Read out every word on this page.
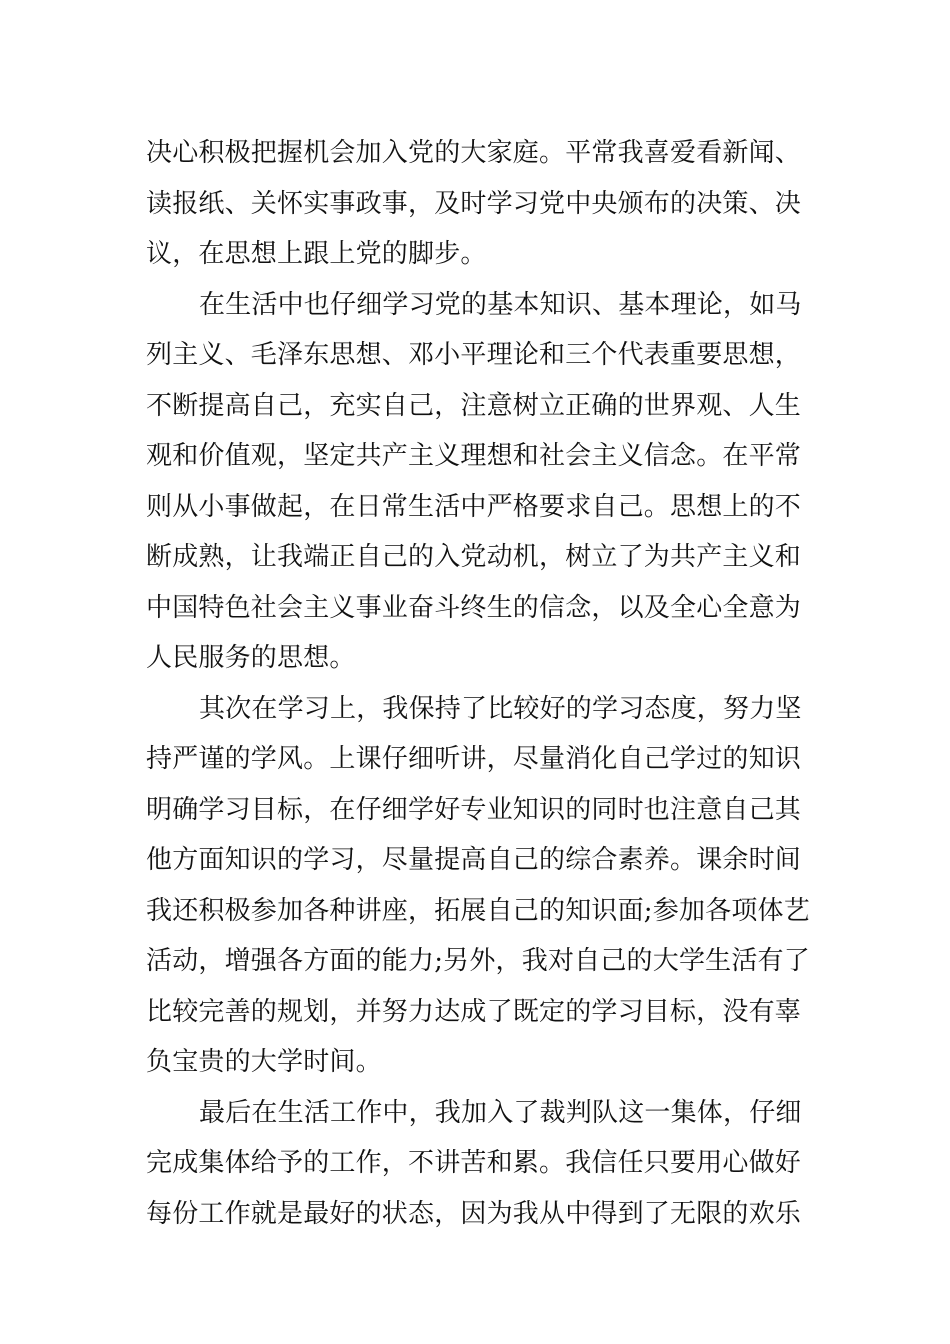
决心积极把握机会加入党的大家庭。平常我喜爱看新闻、
读报纸、关怀实事政事，及时学习党中央颁布的决策、决
议，在思想上跟上党的脚步。
在生活中也仔细学习党的基本知识、基本理论，如马
列主义、毛泽东思想、邓小平理论和三个代表重要思想，
不断提高自己，充实自己，注意树立正确的世界观、人生
观和价值观，坚定共产主义理想和社会主义信念。在平常
则从小事做起，在日常生活中严格要求自己。思想上的不
断成熟，让我端正自己的入党动机，树立了为共产主义和
中国特色社会主义事业奋斗终生的信念，以及全心全意为
人民服务的思想。
其次在学习上，我保持了比较好的学习态度，努力坚
持严谨的学风。上课仔细听讲，尽量消化自己学过的知识
明确学习目标，在仔细学好专业知识的同时也注意自己其
他方面知识的学习，尽量提高自己的综合素养。课余时间
我还积极参加各种讲座，拓展自己的知识面;参加各项体艺
活动，增强各方面的能力;另外，我对自己的大学生活有了
比较完善的规划，并努力达成了既定的学习目标，没有辜
负宝贵的大学时间。
最后在生活工作中，我加入了裁判队这一集体，仔细
完成集体给予的工作，不讲苦和累。我信任只要用心做好
每份工作就是最好的状态，因为我从中得到了无限的欢乐
